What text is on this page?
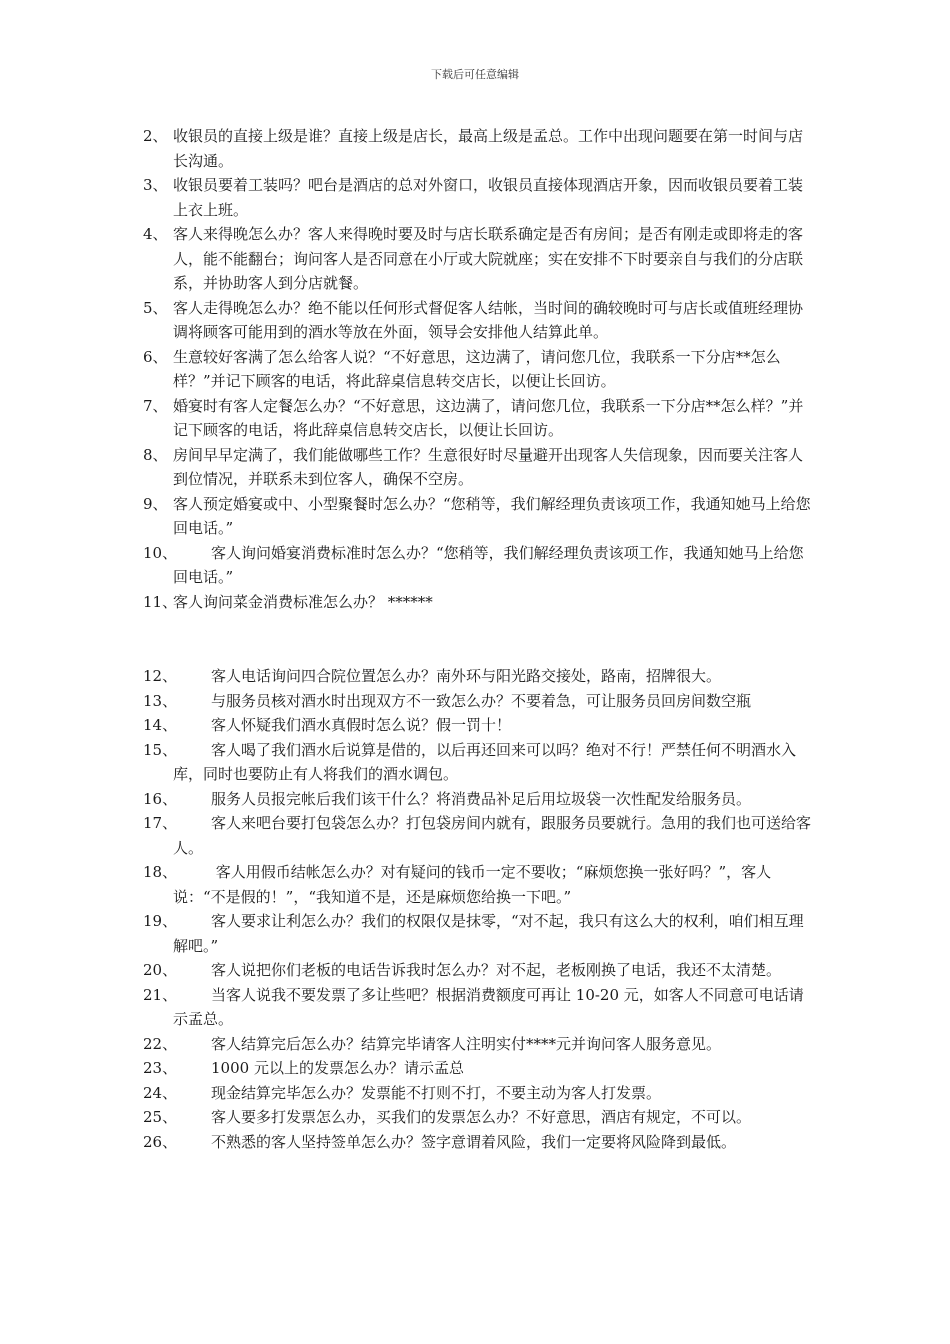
下载后可任意编辑
2、 收银员的直接上级是谁？直接上级是店长，最高上级是孟总。工作中出现问题要在第一时间与店长沟通。
3、 收银员要着工装吗？吧台是酒店的总对外窗口，收银员直接体现酒店开象，因而收银员要着工装上衣上班。
4、 客人来得晚怎么办？客人来得晚时要及时与店长联系确定是否有房间；是否有刚走或即将走的客人，能不能翻台；询问客人是否同意在小厅或大院就座；实在安排不下时要亲自与我们的分店联系，并协助客人到分店就餐。
5、 客人走得晚怎么办？绝不能以任何形式督促客人结帐，当时间的确较晚时可与店长或值班经理协调将顾客可能用到的酒水等放在外面，领导会安排他人结算此单。
6、 生意较好客满了怎么给客人说？“不好意思，这边满了，请问您几位，我联系一下分店**怎么样？”并记下顾客的电话，将此辞桌信息转交店长，以便让长回访。
7、 婚宴时有客人定餐怎么办？“不好意思，这边满了，请问您几位，我联系一下分店**怎么样？”并记下顾客的电话，将此辞桌信息转交店长，以便让长回访。
8、 房间早早定满了，我们能做哪些工作？生意很好时尽量避开出现客人失信现象，因而要关注客人到位情况，并联系未到位客人，确保不空房。
9、 客人预定婚宴或中、小型聚餐时怎么办？“您稍等，我们解经理负责该项工作，我通知她马上给您回电话。”
10、 客人询问婚宴消费标准时怎么办？“您稍等，我们解经理负责该项工作，我通知她马上给您回电话。”
11、
客人询问菜金消费标准怎么办？ ******
12、 客人电话询问四合院位置怎么办？南外环与阳光路交接处，路南，招牌很大。
13、 与服务员核对酒水时出现双方不一致怎么办？不要着急，可让服务员回房间数空瓶
14、 客人怀疑我们酒水真假时怎么说？假一罚十！
15、 客人喝了我们酒水后说算是借的，以后再还回来可以吗？绝对不行！严禁任何不明酒水入库，同时也要防止有人将我们的酒水调包。
16、 服务人员报完帐后我们该干什么？将消费品补足后用垃圾袋一次性配发给服务员。
17、 客人来吧台要打包袋怎么办？打包袋房间内就有，跟服务员要就行。急用的我们也可送给客人。
18、 客人用假币结帐怎么办？对有疑问的钱币一定不要收；“麻烦您换一张好吗？”，客人说：“不是假的！”，“我知道不是，还是麻烦您给换一下吧。”
19、 客人要求让利怎么办？我们的权限仅是抹零，“对不起，我只有这么大的权利，咱们相互理解吧。”
20、 客人说把你们老板的电话告诉我时怎么办？对不起，老板刚换了电话，我还不太清楚。
21、 当客人说我不要发票了多让些吧？根据消费额度可再让 10-20 元，如客人不同意可电话请示孟总。
22、 客人结算完后怎么办？结算完毕请客人注明实付****元并询问客人服务意见。
23、 1000 元以上的发票怎么办？请示孟总
24、 现金结算完毕怎么办？发票能不打则不打，不要主动为客人打发票。
25、 客人要多打发票怎么办，买我们的发票怎么办？不好意思，酒店有规定，不可以。
26、 不熟悉的客人坚持签单怎么办？签字意谓着风险，我们一定要将风险降到最低。
